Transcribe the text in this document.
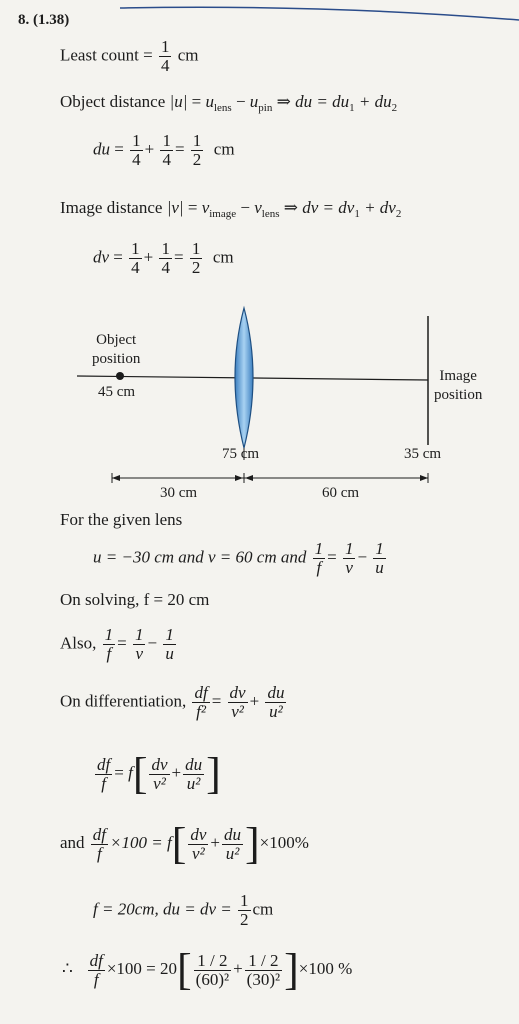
8. (1.38)
Least count = $\frac{1}{4}$ cm
Object distance $|u| = u_{lens} - u_{pin}$ ⇒ du = $du_1 + du_2$
du = $\frac{1}{4} + \frac{1}{4} = \frac{1}{2}$ cm
Image distance $|v| = v_{image} - v_{lens}$ ⇒ dv = $dv_1 + dv_2$
dv = $\frac{1}{4} + \frac{1}{4} = \frac{1}{2}$ cm
Object
position
45 cm
Image
position
75 cm	35 cm
30 cm	60 cm
For the given lens
u = −30 cm and v = 60 cm and $\frac{1}{f} = \frac{1}{v} - \frac{1}{u}$
On solving, f = 20 cm
Also, $\frac{1}{f} = \frac{1}{v} - \frac{1}{u}$
On differentiation, $\frac{df}{\text{f²}} = \frac{dv}{\text{v²}} + \frac{du}{\text{u²}}$
$\frac{df}{f} = f[ \frac{dv}{\text{v²}} + \frac{du}{\text{u²}}$ ]
and $\frac{df}{f} \times 100 = f[ \frac{dv}{\text{v²}} + \frac{du}{\text{u²}} ]\times 100\%$
f = 20cm, du = dv = $\frac{1}{2}$ cm
∴ $\frac{df}{f} \times 100 = 20[ \frac{1 / 2}{\text{(60)²}} + \frac{1 / 2}{\text{(30)²}} ]\times 100$ %
